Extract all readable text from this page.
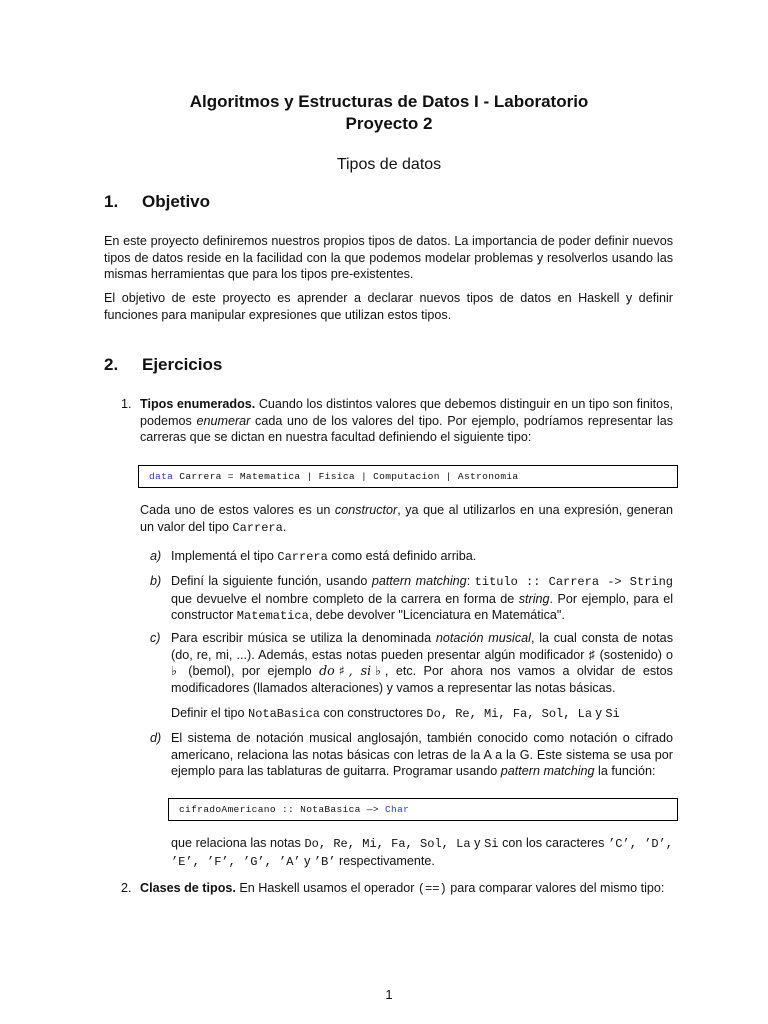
Algoritmos y Estructuras de Datos I - Laboratorio
Proyecto 2
Tipos de datos
1. Objetivo
En este proyecto definiremos nuestros propios tipos de datos. La importancia de poder definir nuevos tipos de datos reside en la facilidad con la que podemos modelar problemas y resolverlos usando las mismas herramientas que para los tipos pre-existentes.
El objetivo de este proyecto es aprender a declarar nuevos tipos de datos en Haskell y definir funciones para manipular expresiones que utilizan estos tipos.
2. Ejercicios
1. Tipos enumerados. Cuando los distintos valores que debemos distinguir en un tipo son finitos, podemos enumerar cada uno de los valores del tipo. Por ejemplo, podríamos representar las carreras que se dictan en nuestra facultad definiendo el siguiente tipo:
data Carrera = Matematica | Fisica | Computacion | Astronomia
Cada uno de estos valores es un constructor, ya que al utilizarlos en una expresión, generan un valor del tipo Carrera.
a) Implementá el tipo Carrera como está definido arriba.
b) Definí la siguiente función, usando pattern matching: titulo :: Carrera -> String que devuelve el nombre completo de la carrera en forma de string. Por ejemplo, para el constructor Matematica, debe devolver "Licenciatura en Matemática".
c) Para escribir música se utiliza la denominada notación musical, la cual consta de notas (do, re, mi, ...). Además, estas notas pueden presentar algún modificador ♯ (sostenido) o ♭ (bemol), por ejemplo do♯, si♭, etc. Por ahora nos vamos a olvidar de estos modificadores (llamados alteraciones) y vamos a representar las notas básicas.
Definir el tipo NotaBasica con constructores Do, Re, Mi, Fa, Sol, La y Si
d) El sistema de notación musical anglosajón, también conocido como notación o cifrado americano, relaciona las notas básicas con letras de la A a la G. Este sistema se usa por ejemplo para las tablaturas de guitarra. Programar usando pattern matching la función:
cifradoAmericano :: NotaBasica —> Char
que relaciona las notas Do, Re, Mi, Fa, Sol, La y Si con los caracteres ’C’, ’D’, ’E’, ’F’, ’G’, ’A’ y ’B’ respectivamente.
2. Clases de tipos. En Haskell usamos el operador (==) para comparar valores del mismo tipo:
1
